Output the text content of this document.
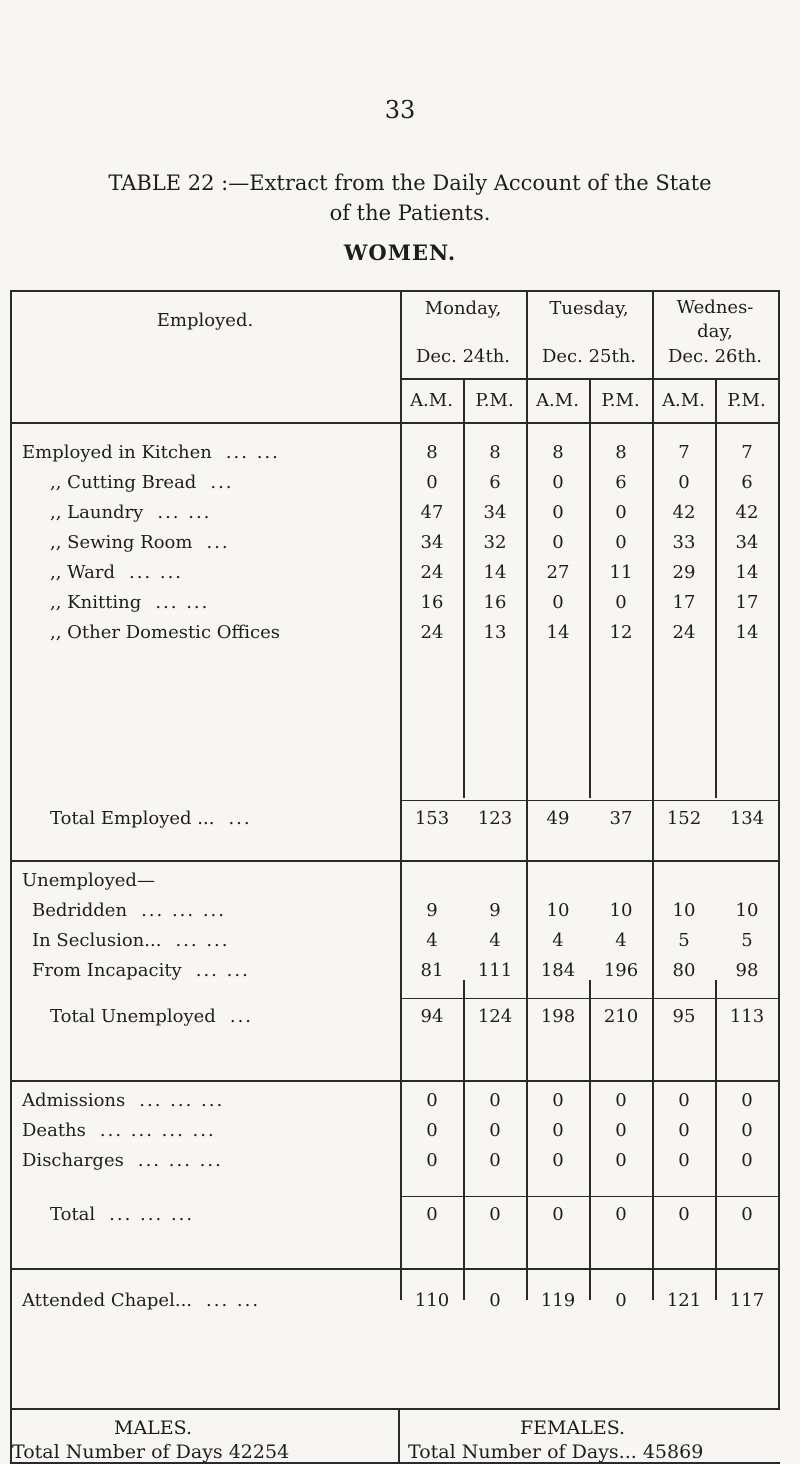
33
TABLE 22 :—Extract from the Daily Account of the State
of the Patients.
WOMEN.
Employed.
Monday,
Dec. 24th.
Tuesday,
Dec. 25th.
Wednes-
day,
Dec. 26th.
A.M.	P.M.	A.M.	P.M.	A.M.	P.M.
Unemployed—
Employed in Kitchen ... ...	8	8	8	8	7	7
,, Cutting Bread ...	0	6	0	6	0	6
,, Laundry ... ...	47	34	0	0	42	42
,, Sewing Room ...	34	32	0	0	33	34
,, Ward ... ...	24	14	27	11	29	14
,, Knitting ... ...	16	16	0	0	17	17
,, Other Domestic Offices	24	13	14	12	24	14
Total Employed ... ...	153	123	49	37	152	134
Bedridden ... ... ...	9	9	10	10	10	10
In Seclusion... ... ...	4	4	4	4	5	5
From Incapacity ... ...	81	111	184	196	80	98
Total Unemployed ...	94	124	198	210	95	113
Admissions ... ... ...	0	0	0	0	0	0
Deaths ... ... ... ...	0	0	0	0	0	0
Discharges ... ... ...	0	0	0	0	0	0
Total ... ... ...	0	0	0	0	0	0
Attended Chapel... ... ...	110	0	119	0	121	117
MALES.
Total Number of Days 42254
FEMALES.
Total Number of Days... 45869
